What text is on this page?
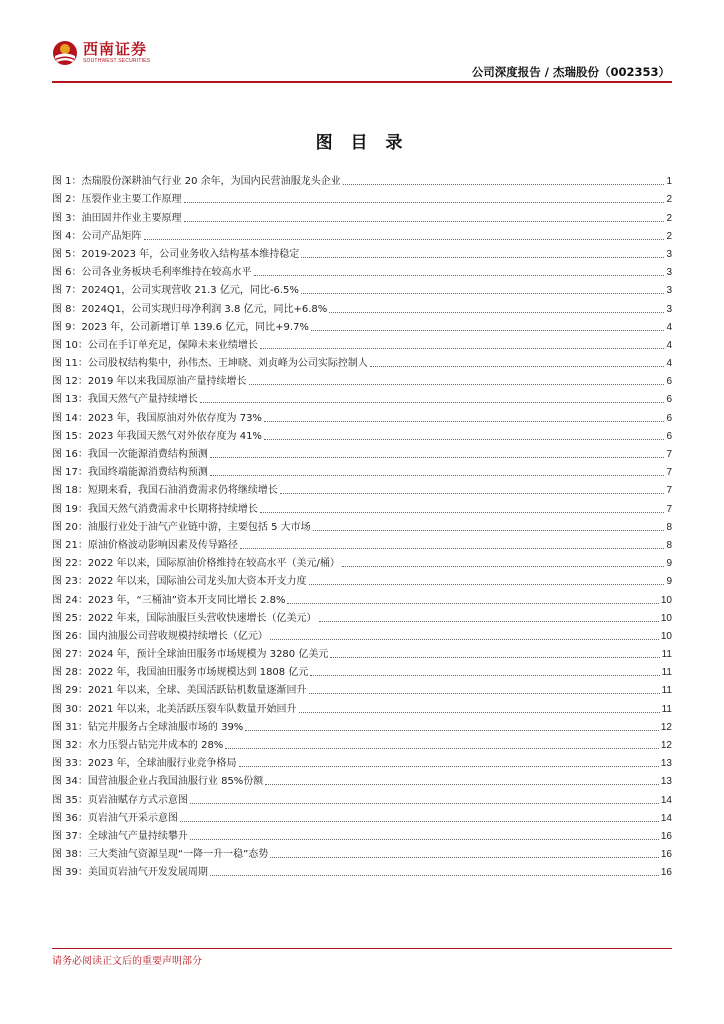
西南证券
SOUTHWEST SECURITIES
公司深度报告 / 杰瑞股份（002353）
图 目 录
图 1：杰瑞股份深耕油气行业 20 余年，为国内民营油服龙头企业	1
图 2：压裂作业主要工作原理	2
图 3：油田固井作业主要原理	2
图 4：公司产品矩阵	2
图 5：2019-2023 年，公司业务收入结构基本维持稳定	3
图 6：公司各业务板块毛利率维持在较高水平	3
图 7：2024Q1，公司实现营收 21.3 亿元，同比-6.5%	3
图 8：2024Q1，公司实现归母净利润 3.8 亿元，同比+6.8%	3
图 9：2023 年，公司新增订单 139.6 亿元，同比+9.7%	4
图 10：公司在手订单充足，保障未来业绩增长	4
图 11：公司股权结构集中，孙伟杰、王坤晓、刘贞峰为公司实际控制人	4
图 12：2019 年以来我国原油产量持续增长	6
图 13：我国天然气产量持续增长	6
图 14：2023 年，我国原油对外依存度为 73%	6
图 15：2023 年我国天然气对外依存度为 41%	6
图 16：我国一次能源消费结构预测	7
图 17：我国终端能源消费结构预测	7
图 18：短期来看，我国石油消费需求仍将继续增长	7
图 19：我国天然气消费需求中长期将持续增长	7
图 20：油服行业处于油气产业链中游，主要包括 5 大市场	8
图 21：原油价格波动影响因素及传导路径	8
图 22：2022 年以来，国际原油价格维持在较高水平（美元/桶）	9
图 23：2022 年以来，国际油公司龙头加大资本开支力度	9
图 24：2023 年，“三桶油”资本开支同比增长 2.8%	10
图 25：2022 年来，国际油服巨头营收快速增长（亿美元）	10
图 26：国内油服公司营收规模持续增长（亿元）	10
图 27：2024 年，预计全球油田服务市场规模为 3280 亿美元	11
图 28：2022 年，我国油田服务市场规模达到 1808 亿元	11
图 29：2021 年以来，全球、美国活跃钻机数量逐渐回升	11
图 30：2021 年以来，北美活跃压裂车队数量开始回升	11
图 31：钻完井服务占全球油服市场的 39%	12
图 32：水力压裂占钻完井成本的 28%	12
图 33：2023 年，全球油服行业竞争格局	13
图 34：国营油服企业占我国油服行业 85%份额	13
图 35：页岩油赋存方式示意图	14
图 36：页岩油气开采示意图	14
图 37：全球油气产量持续攀升	16
图 38：三大类油气资源呈现“一降一升一稳”态势	16
图 39：美国页岩油气开发发展周期	16
请务必阅读正文后的重要声明部分
